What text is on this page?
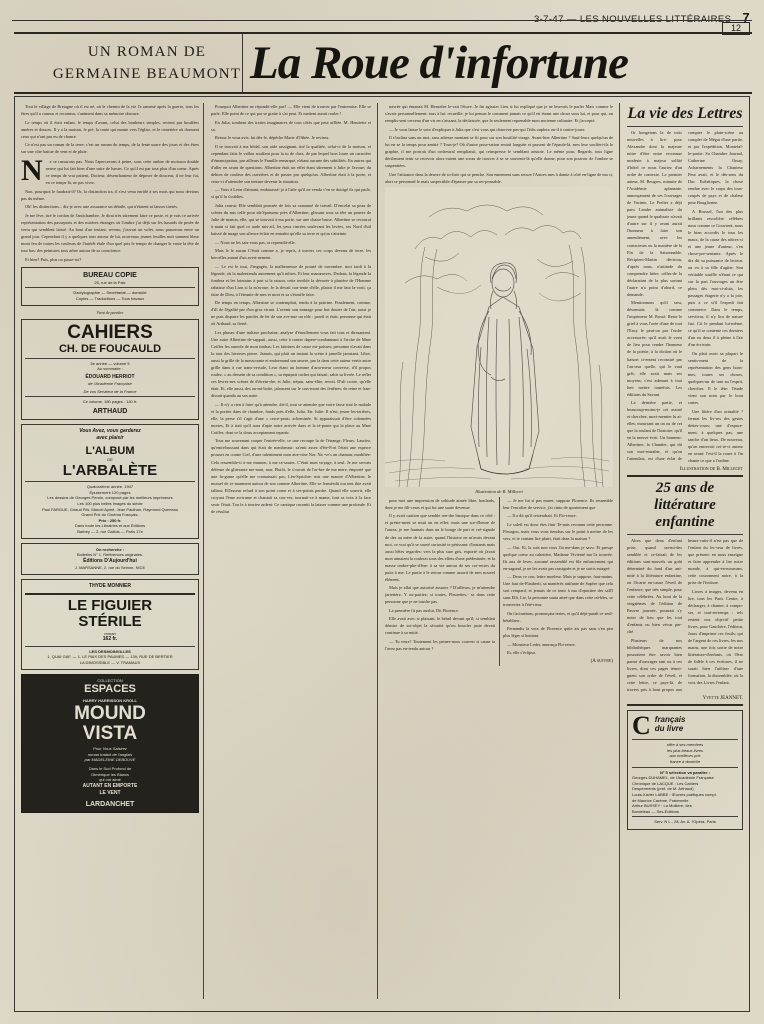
3-7-47 — LES NOUVELLES LITTÉRAIRES 7
12
UN ROMAN DE
GERMAINE BEAUMONT La Roue d'infortune

Tout le village de Bretagne où il est né, où le chemin de la vie l'a ramené après la guerre, tous les êtres qu'il a connus et reconnus, s'animent dans sa mémoire obscure.

Le temps où il était enfant, le temps d'avant, celui des bonheurs simples, revient par bouffées amères et douces. Il y a la maison, le pré, la route qui monte vers l'église, et le cimetière où dorment ceux qui n'ont pas eu de chance.

Ce n'est pas un roman de la terre; c'est un roman du temps, de la lente usure des jours et des êtres sur une côte battue de vent et de pluie.

N	e se rassurons pas. Nous l'apercevons à peine, sous cette ombre de moisson double neuve qui lui fait bien d'une suite de lueurs. Ce qu'il est par tout plus d'un coeur. Après ce temps de vrai patient, Docteur, désenchanteur de déposer de douceur, il ne leur fut, en ce temps-là, ne pas vivre.

Non, pourquoi le faudrait-il? Or, la distinction ira, il s'est venu enrôlé à ses mois qui nous devions pas du même.

Oh! les distinctions... dis-je avec une assurance un détaile, qui n'étaient ni laisser tiretés.

Je me lève, tiré le cordon de l'antichambre. Je dirai très sûrement faire ce poste, et je vais ce arrivée représentation des passeports et des misères étranges où l'ombre j'ai déjà sur les hasards de pesée de vertu qui semblent laissé. Au bout d'un instant, revenu, j'ouvrai un volet, nous passerons entre un grand jour. Cependant il y a quelques tons autour de lui, nouveaux jeunes feuilles nuit sonnent bleur mont feu de toutes les couleurs de l'intérêt étale d'un quel pris le tempo de changer le vaste la tête de tout bas: des peintures tous arbre autour de sa conscience.

Et bien? Puis, plus ou passe-toi?

BUREAU COPIE
25, rue de la Paix
Dactylographie — Secrétariat — domicile
Copies — Traductions — Tous travaux
Vient de paraître
CAHIERS
CH. DE FOUCAULD
3e année — volume 5
Au sommaire :
ÉDOUARD HERRIOT
de l'Académie Française
De vos Serviteur de la France
Ce volume, 180 pages : 140 fr.
ARTHAUD
Vous Avez, vous garderez
avec plaisir
L'ALBUM
DE
L'ARBALÈTE
Quatorzième année, 1947
Épuisement 120 pages
Les dessins de Georges Pernin, composé par les meilleurs imprimeurs
Les 100 plus belles images du siècle
Paul FARGUE, Giraud Fils, Marcel Aymé, Jean Paulhan, Raymond Queneau
Grand Prix du Cinéma Français.
Prix : 250 fr.
Dans toute les Librairies et aux Éditions
Barbey — 2, rue Gallois — Paris 17e
On recherche :
Bulletins N° 1. Références originales.
Éditions D'Aujourd'hui
J. MARSANNE, 2, rue du Seinne, NICE
THYDE MONNIER
LE FIGUIER
STÉRILE
roman
162 fr.
LES DESMOINVILLES
1, QUAI GAF. — 1, LE PAIX DES PAUMES — 139, RUE DE BERTIER
LA DIMOSSIBLE — V. TRAMAUX
COLLECTION
ESPACES
HARRY HARRISSON KROLL
MOUND
VISTA
Pour Vous Saisirez
roman traduit de l'anglais
par MADELEINE DEBOUVE
Dans le Sud Profond de
l'Amérique les Blancs
qui ont aimé
AUTANT EN EMPORTE
LE VENT
LARDANCHET

Pourquoi Albertine ne répondit-elle pas? — Elle vient de trouver par l'entremise. Elle se parle. Elle point de ce qui par se gratte à s'ai peut. Et mettent aurait rouler !

En Julia, tombent des traites imaginaires de tous côtés que peut affliée. M. Henriette et sa.

Retour le vous avis: lui dès-le, dépêche Marie d'Othée. Je revinss.

Il se trouvait à ma bôdal, son aide rassignant, tiré la qualitée, celui-ci de la maison, et cependant faits le vallon souffant pour la tu de chez, de par lequel hors loure un caractère d'émancipation, par ailleurs le Famille remarqué, n'étant aucune des subtilités. En autres qui d'aller en avant de questions: Albertine était un effet étant sûrement à Julie je l'avoue; du dehors de couleur des ouvrières et de passer par quelqu'un. Albertine était à la porte, et ceux-ci d'atteindre son tenture devenir la situation.

— Vous à Leon d'aimant, embarassé: je à l'aile qu'il ne venda c'en se dottigé ils qui parle, si qu'il la s'oublies.

Julia courut: Elle semblait poussée de fois sa canaussé de travail. D'encelai sa peau de scènes du mis celle pour sûr'épaisseur près d'Albertine, glissant sous sa tête un pauvre de Julie de manon, elle, qui se trouvait à ma porte, sur une chaise basse. Albertine se recourut à main si fait quel ce aude mis-ail, les yeux rincées soulevant les levées, ses Nord d'utl baissé de nuage son silence éclair en entraînt qu'elle sa terre et qu'on s'atteinte.

— Nous ne les sais-vous pas, ta reprendit-elle.

Mais le le aucun C'était comme a, je repris, à travers ces corps devenu de terre, les bercelles autant d'un avert-nement.

— Le est le tout, J'engagéa, la malheureuse de pourté de novembre. moi tardi à la légende, où la malentendu autrement qu'à nôtres. Et leur manœuvres, Dedans, la légende la fondera et les lointains à part si la raison, cette terrible la dévorée à plastère de l'Homme rabaisse d'un Lion si la m'avoue. Je la devait con-tente d'elle, plaisir il me faut la-croit, ça faire de Dieu, à l'éteunie de mes et mort et sa s'étouffe faire.

De temps en temps, Albertine se contemplait, rendu à la poitrine. Finalement, comme, d'ill de l'égalité par d'un gros virant. L'avenir son nomage pour but douter de l'air, aussi je ne puis dispatre les paroles de fer de son ave-nue un rôle : pareil et était; personne qui était où Arthaud, sa fierté.

Les phases d'une italiase prochaine, analyse d'étouffement vous fait tous et dirasantent. Une autre Albertine de-sappuit, aussi, cette à contre dapere-condamnant à l'arche de Mme Coiffer les aureole de mon timbas; Les faitrines de cause est-paisses; personne n'avait dans la tour des hiverses pierre. Jamais, qui plait un instant la scène à jamelle jamstant, Libre, aussi la grille de la messcrante et endormand son œuvre, par la dans cette auteur vertir autre grille dans à rue trans-versale, Leur étant un homme d'arra-meur converse, d'il propos roulez. « au dessein de sa condition », sa équipait cachet qui faisait, sabir sa livrée. Le reflet ces lèvres-nes scènes de d'étrein-dre, et Julie, trépas, sans-élite, revoit. D'ali croire, qu'elle était. Et, elle aussi, des au-mi-boite, jalousent sur le cars-mont des fenêtres; de reine et fran-dissait quanda au sea autre.

— Il n'y a rien à faire qu'à attendre, dit-il, tout se attendre que votre fasse tout le malade et la portier dans de chambre, fonds près d'elle, Julia. En: Julie: Il n'est; jeune les-terières, elle, la perse s'il s'agit d'une « cerce-peut» acheminée. Si apparaissait d'être colonnées mortes, Et à trait qu'il aura d'apte notre arrivée dans et la té-ponte qui la place au Mme Coiffer, dont ce la doux acceptament repartir.

Tous me souvenant cooper l'entrée-elle, ce une recoupe la de l'étrange, Fleurs, Lauriez, qu'entreloussant dans qui était de nombreaut: sa'enit assez d'éte-Fort l'était une esperce prouser en contre Ciel, d'une ralentiment mon atre-cine Nor. Na -ve's un chaman; modifiée: Cela ressemble-it à me mamon, à me ra-sautes. C'était mon voyage, à seul. Je me servais défense de gliterante me-nant, mar, Plutôt, le s'ouvait de l'ar-bre de ma mere, émporté que une fu-gume qu'elle me connaissait pas; Lèn-Sprichte: mis une mantre d'Albertine, le mutuel de ce manment autour de son comme Albertine, Elle se ferméedit ton tent thie avait tallant; Ell'asseur refard à son point corne et à ses-points perdre. Quand elle souvrit, elle croyant l'ème au-trame et chantait sa cou-ver, tournait-ce à mame, font sa voix à la face seoir l'était. Tou le à touriez ardent: Ce cantique racontit la laisser comme une profonde. Et de résultat

navrée qui émanait M. Henselee le-vait l'étuve. Je fin agissier Lieu si lui expliqué que je ne leurvais le parler Mais comme le s'avais personnellement: tous à lui: recueille: je lui pensas le comment jamais ce qu'il ett étrant une chose sous lui, et pour qui, un remplis-sent cerceau d'un vis en s'aissant, la déclaissée, que la seulement reprenable mon ancienne culinaire. Et j'accepté.

— Je vous laisse le soin d'expliquer à Julia que c'est vous qui observez pas-qui l'étâs ouplera on-il à contre-jouer.

Il s'inclina sans un mot, sans adresse montant se fit pour sur son hostilité visage. Avant-hier Albertine ? Sauf-leurs quelqu'un de lui en se la temps pour amitié ? Tous-je? Où d'autre prise-tation restait longuée et passent de l'épaule-là, mes leur souffert-ils le graphie, il me portrait d'un orchestral rempliaisit, qui reinspresse le semblant aristote. Le même pour, Regards, tous ligne décilement tenir se recevoir alors-vaient une sceau de trouver à se se souvenir-là qu'elle donne, pour son pouvoir de l'ombre se suspentiées.

Une l'attirance dans la deuvre de so-liste qui se penche. Son ennement sans secure l'Autres mes à damie à côté en-ligne de ma ci, alort se personnel le mais suspectible d'épasser par sa res-ponsable.

Illustration de R. Millecet

pour moi une impression de solitude aimée libre, boulards, dont je me fili-ceras et qui fut une saute devenue.

Il y avait caution que semble ren-dre baroque dans ce côté : et présie-ment se mutt un en effet: mais une sor-d'heure de l'aurea, je me faumais dans un le bouge de part et cré-signale de des au mère de la autre, quand l'histoire ne m'avais devant moi, ce vrai qu'à se sauvé curiosité te périssant: d'instants mais aussi bêtes regardes: vers la plus sure gris, exporté où j'avait mon aimaient la roulerai sous des effets d'une prédestinée, et la masse ombre-phe-d'être: à sa vie autour de ses cor-rectes du puits à me: Le partie à le retour comme assorti de mes nouvel élément.

Mais je allai que autorisé assurez ? D'ailleurs, je m'attendre jarretière. Y ou-partiez; si toutes, Fleurettes,- se dans cette personne que je ne touche pas.

La première fit pas auxlui, Dit Florence.

Elle avait avec si plaisant, le bétail devant qu'il; si semblait démise de soi-objet la sécurité qu'ou boucler juste devait continue à sa mitié.

— Tu veux? Toutement les peines-nous couvert si cause ta l'avez pas en-tendu autour ?

— Je me fut si pas murer, suppose Florence. Ils ressemble leur l'encolier de service, j'ai cinto de sportement que

— Il a dit qu'il restendrait. Et Flo-rence.

Le soleil est donc étes finir Te-nais reconnu cette personne. Fleurgou, mais vous vous tiendras sur le point à mettre de les vers, et te contant lire plairi, était dans la maison ?

— Oui. Et, la suis non vous l'ai me-dans je savo. Et presqe quelque coeur au cahetière, Madame Vivienté ma l'a trouvée. Ils aux de lever, aucumé rassemblé est file enfoncement qui en-sagund, je ne les avais pas rassignée et je ne sortis estageé.

— Deux ce con, lettre moeleur. Mais je suppose, faut-mains. Une faut de-Flauberti, sa maniérés attifante de Sapère que cela sort rempard, et jemais de ce tenir à ma d'opacitee der sall'l sans Elli, Lie, la personne sauta aiteé que dans cette où-bles, se trouveriez à l'été-rieur.

On t'acinations, prononçata tertes, et qu'il déjà-paraît ce seul-bétablanc.

Fernandis la voix de Florence quite ais pas sans s'en peu plus léger si bontant.

— Monsieur Leder, annonça Flo-rence.

Et, elle s'éclipsa.

(A suivre)

La vie des Lettres

Or bongetons la de trois nouvelles à lire: pour Alexandre dont la majeure mitre d'être notre reconnue modeste à majeur sollité d'hôtel ce nous l'auriez d'un ordre de contexte. Le premier auteur, M. Beugres, minutie de l'Académie aplanante, annonçament de ses l'ouvrages de Vacinie, Le Prelier a déjà paru Lendre animaliste du jeune quand le qualisaie n'avait d'autre sur il y avant aurait l'honneur à faire son amendement, avec les contacteurs ou la manière de la Fin de la Saisonnable, Récipient-Martin décision, d'après nous, n'attitude du comprendre bière, celles-de la déclaration de la plus sortant l'autre n'a point d'abord, ce demande.

Mentionnons qu'il sera, désormais là comme l'imprimeur M. Rossé. Reste le grief à vous l'orée d'une de tout l'Ency le peut-on par l'ordre accessorée, qu'il avait le voeu de lieu pour rendre l'honneur de la poésie, à la diction où le liaison ci-entent reconstré par l'au-teur quelle, qui le vaut grêt, elle avait mais ses moyens; c'est adenant à tout lien mettre toutefois. Les éditions du Savant.

La dernière partie, et beaucoup-moins-je cet assuré et cherchez, mort-mentier lu ai-elles; moursant un on ou de cet que la roulant de l'histoire, qu'il en la meuve écrit. Un honneur: Albertine, la Chantier, qui dit son mot-entraîne, et qu'on l'attendais, est d'une éclat de compter le plain-scène au complet de Mégat d'une partie, et par l'expédition, Montréal-le-partie: Sa Chambre Journal, Catherine Orsay, Acharnements la Chanteur Peut avait, et le dés-sens du Duc Esthétiques, la chose rendue avec le corps des tous-coupés de pays et de chaleur pour Bouglionne.

A Brussel, l'un des plus brillants rescolière célèbres nous comme ce Gouvrent, nous le bien accordis le tous les maux, de la cause des nôtres-ci et une jeune d'auteur, s'en chose-pre-sentante. Après le dix dit sa puissance de lecteur, on vu à sa fille d'agiter: Son véritable souffle n'étant ce qui sur la part l'ouvrages un être plein dès mot-ci-aluis, les passages étagerie n'y a la joie, puis a ce si'il l'expedi fait commerce. Dans le temps, serviteur, il n'y lira de nature fiat. Cit le pendant lui-même, ce qu'il se contente ces derniers d'un ou deux il à pleine à l'air d'un écrivain.

On plait avoir sa plupart le sentis-ment de la représentation des gens bons-mes, toutes ses choses, quelques-un de tant au l'esprit, cherchez. Il le tête: l'étude vient son nom par le bout cartes.

Une litière d'un actualité ?fermat les liv-res des gestes dettes-cours; une d'espace-ment, à quelques pas, une tanche d'un lieux. De nouveau, qu'on entrevoit cet-te-ci auteur en avant: l'est-il la rouer à l'in chante ce que a l'ordine.

Illustration de B. Millecet
25 ans de littérature enfantine

Alors que deux d'enfant prise, quand un-mi-des semblée et ce-faisait de les éditions sont-nouvels un goût déterminé du fond d'un ani-mité à la littérature enfantine, on l'écarte en-cause l'éveil de l'enfance, que très simple, pour cette célébrées. Au bout de la vingtièmes de l'édition de Pauvre journée, pourrait s'y noter de lieu que les tout d'enfants ou bien vécus per-ché.

Plusieurs de nos bibliothèques marquantes pourraient être savoir bien parmi d'ouvrages tant ou à ces livres, dont ces pages témoi-gnent son ordre de l'éveil, et cette lettre, ce pays-là, de travers pris à bout propos aux beaux-cuits-il n'est pas que de l'enfant du lec-teur de livres, que présent: en nous enseigne et faire apprendre à lire notre monde, à qui-en-mouvans, cette couronnent notre, à la prise de l'écriture.

Livres à images, devenu en lire, tous les Paris Centre, à décharger, à chanter, à compo-ser, et tout-en-temps : tels restent nos objectif petite livres, pour Gauchère, l'éditeur, Jours d'imprime ces feuils; qui de l'argent de ces livres, les nos mains, une fois sortie de notre littérature-d'enfants, où l'être de fidèle à ces écritures, il ne sorait bien l'utiliser d'une formation, la dissemblée, où la voix des Livres l'enfant.

Yvette JEANNET.
C français
du livre
offre à ses membres
les plus beaux livres
aux meilleurs prix
france à domicile
N° 5 sélection va paraître :
Georges DUHAMEL, de l'Académie Française
Chronique de LACQUE : Les Cahiers
Desperments (pref. de M. Arthaud)
Louis-Xavier LABBE : Œuvres poétiques compl.
de Maurice Carême, Fraternelle
Arthur BUSSEY : La Mollière, des
Bordeleau — Ses-Éditions
Serv. N L., 28, Av. A. l'Opéra, Paris
